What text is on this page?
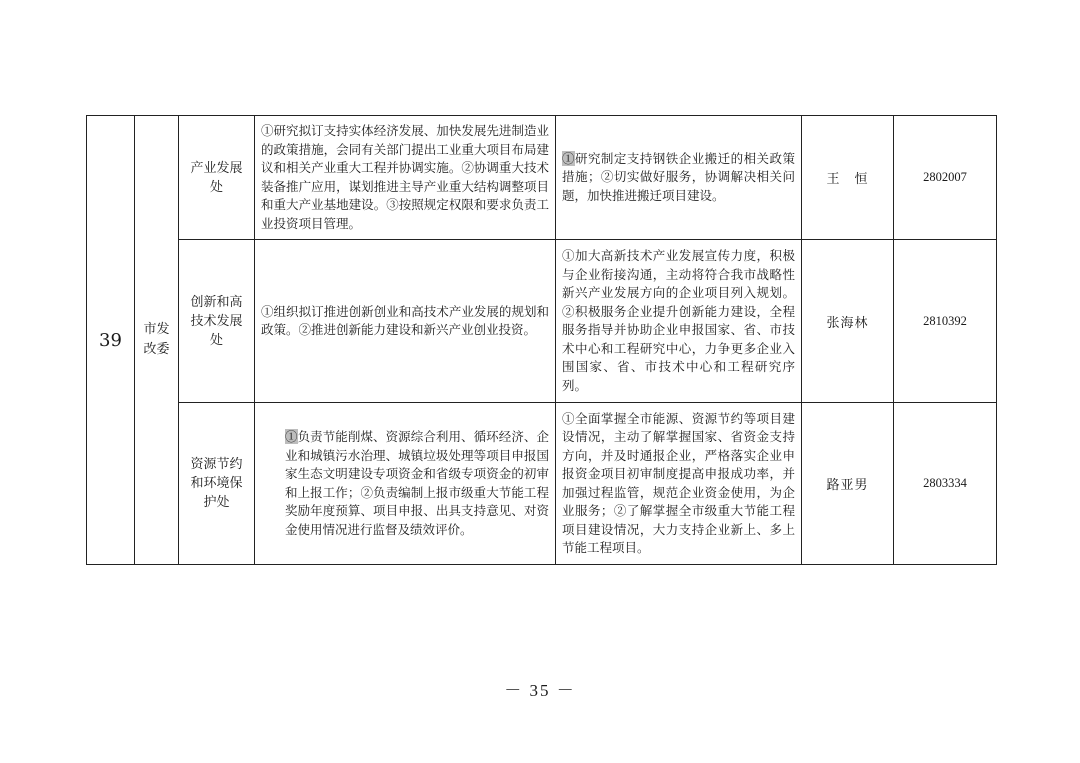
39	市发改委	产业发展处	①研究拟订支持实体经济发展、加快发展先进制造业的政策措施，会同有关部门提出工业重大项目布局建议和相关产业重大工程并协调实施。②协调重大技术装备推广应用，谋划推进主导产业重大结构调整项目和重大产业基地建设。③按照规定权限和要求负责工业投资项目管理。	①研究制定支持钢铁企业搬迁的相关政策措施；②切实做好服务，协调解决相关问题，加快推进搬迁项目建设。	王　恒	2802007
		创新和高技术发展处	①组织拟订推进创新创业和高技术产业发展的规划和政策。②推进创新能力建设和新兴产业创业投资。	①加大高新技术产业发展宣传力度，积极与企业衔接沟通，主动将符合我市战略性新兴产业发展方向的企业项目列入规划。②积极服务企业提升创新能力建设，全程服务指导并协助企业申报国家、省、市技术中心和工程研究中心，力争更多企业入围国家、省、市技术中心和工程研究序列。	张海林	2810392
		资源节约和环境保护处	①负责节能削煤、资源综合利用、循环经济、企业和城镇污水治理、城镇垃圾处理等项目申报国家生态文明建设专项资金和省级专项资金的初审和上报工作；②负责编制上报市级重大节能工程奖励年度预算、项目申报、出具支持意见、对资金使用情况进行监督及绩效评价。	①全面掌握全市能源、资源节约等项目建设情况，主动了解掌握国家、省资金支持方向，并及时通报企业，严格落实企业申报资金项目初审制度提高申报成功率，并加强过程监管，规范企业资金使用，为企业服务；②了解掌握全市级重大节能工程项目建设情况，大力支持企业新上、多上节能工程项目。	路亚男	2803334
－ 35 －
